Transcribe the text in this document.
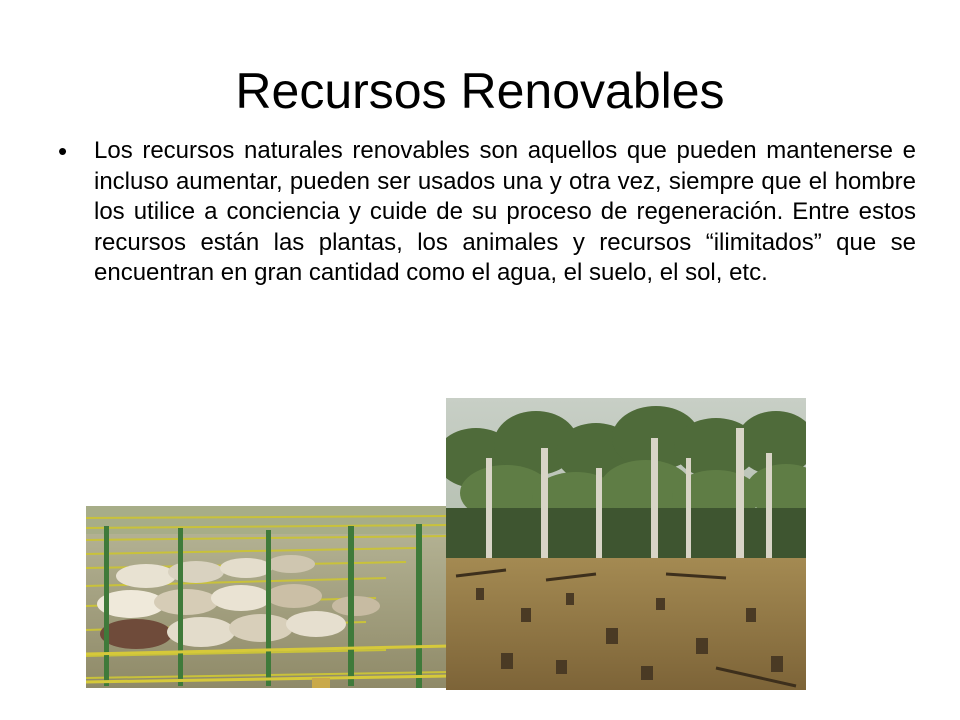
Recursos Renovables
• Los recursos naturales renovables son aquellos que pueden mantenerse e incluso aumentar, pueden ser usados una y otra vez, siempre que el hombre los utilice a conciencia y cuide de su proceso de regeneración. Entre estos recursos están las plantas, los animales y recursos “ilimitados” que se encuentran en gran cantidad como el agua, el suelo, el sol, etc.
